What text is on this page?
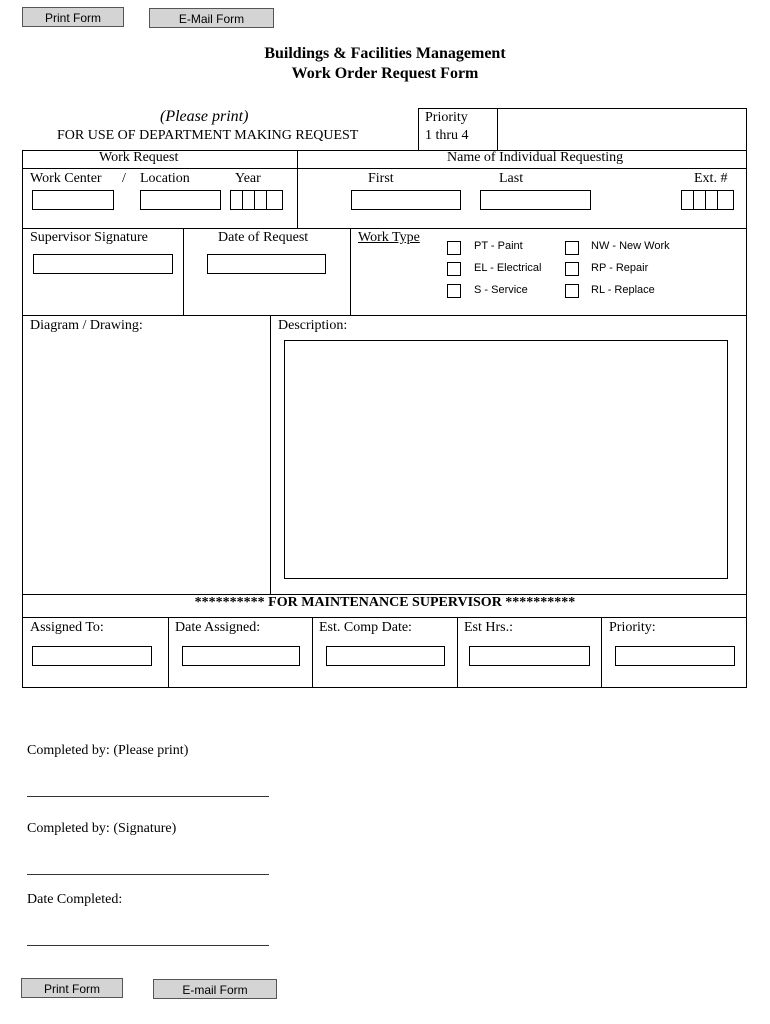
Print Form	E-Mail Form
Buildings & Facilities Management
Work Order Request Form
(Please print)
FOR USE OF DEPARTMENT MAKING REQUEST
Priority
1 thru 4
Work Request	Name of Individual Requesting
Work Center / Location	Year	First	Last	Ext. #
Supervisor Signature	Date of Request	Work Type
PT - Paint	NW - New Work
EL - Electrical	RP - Repair
S - Service	RL - Replace
Diagram / Drawing:	Description:
********** FOR MAINTENANCE SUPERVISOR **********
Assigned To:	Date Assigned:	Est. Comp Date:	Est Hrs.:	Priority:
Completed by: (Please print)
Completed by: (Signature)
Date Completed:
Print Form	E-mail Form
